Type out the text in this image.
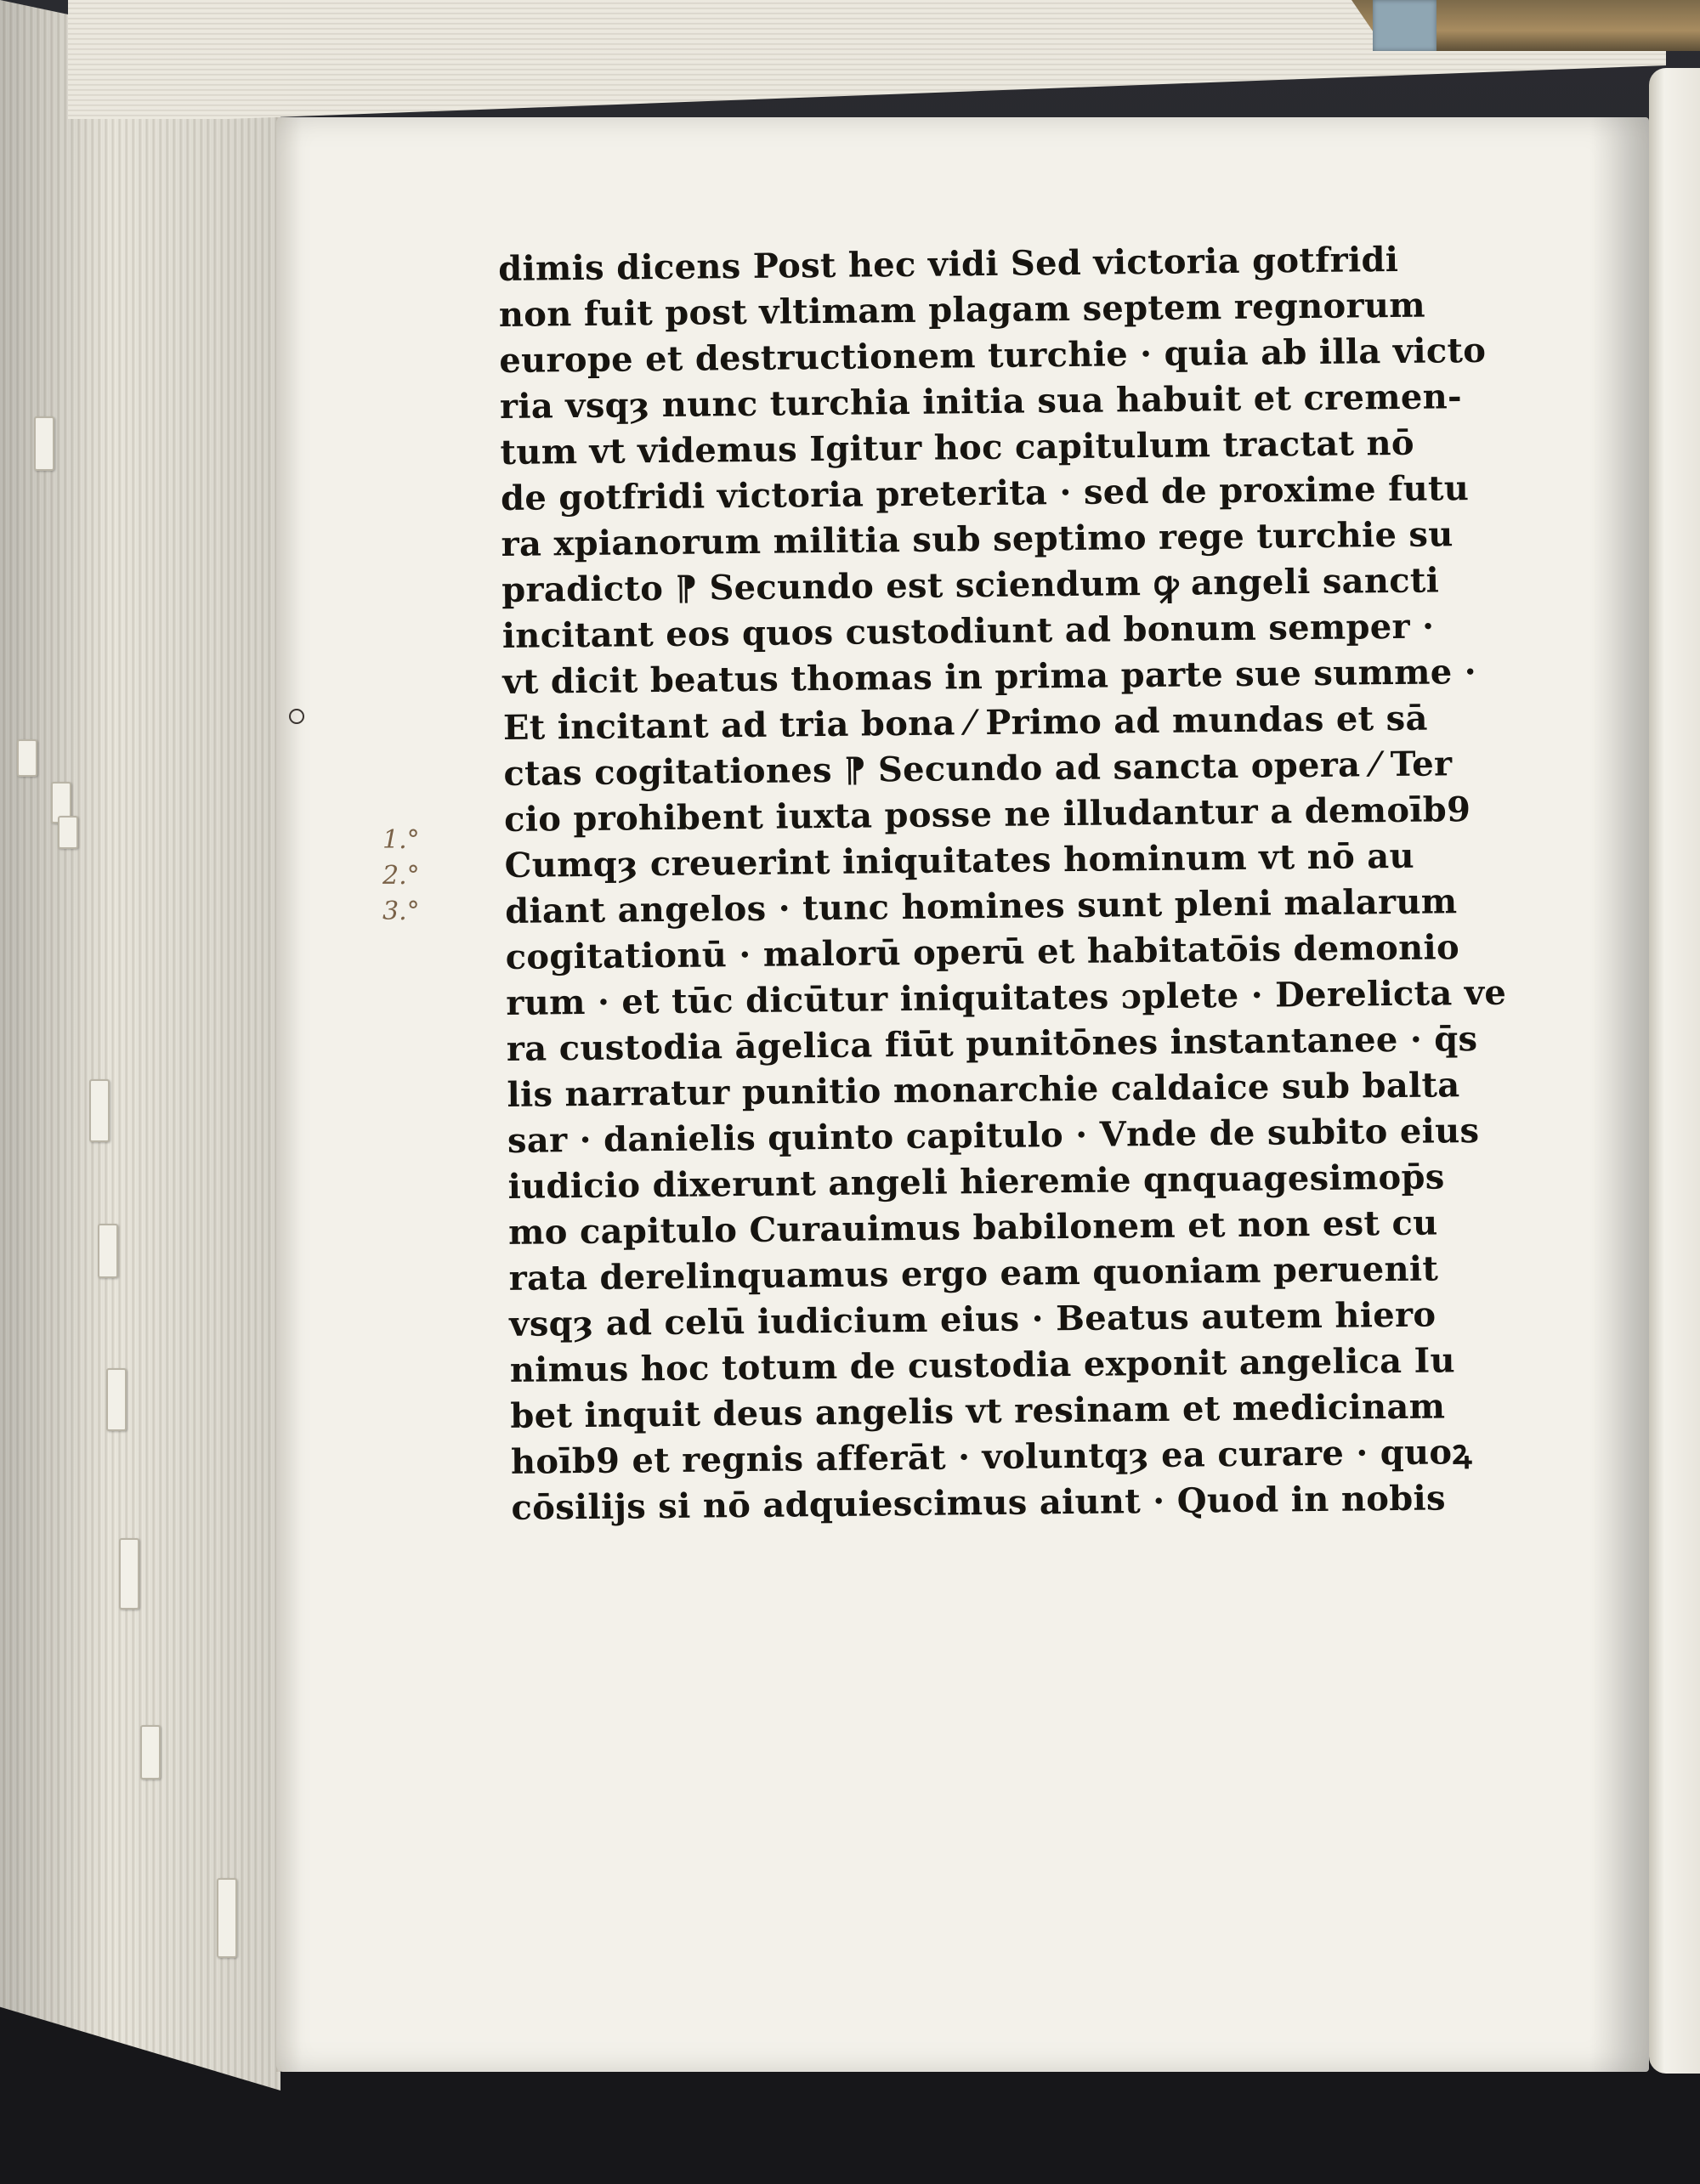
1.°
2.°
3.°
dimis dicens Post hec vidi Sed victoria gotfridi
non fuit post vltimam plagam septem regnorum
europe et destructionem turchie · quia ab illa victo
ria vsqȝ nunc turchia initia sua habuit et cremen-
tum vt videmus Igitur hoc capitulum tractat nō
de gotfridi victoria preterita · sed de proxime futu
ra xpianorum militia sub septimo rege turchie su
pradicto ⁋ Secundo est sciendum ꝙ angeli sancti
incitant eos quos custodiunt ad bonum semper ·
vt dicit beatus thomas in prima parte sue summe ·
Et incitant ad tria bona ⁄ Primo ad mundas et sā
ctas cogitationes ⁋ Secundo ad sancta opera ⁄ Ter
cio prohibent iuxta posse ne illudantur a demoīb9
Cumqȝ creuerint iniquitates hominum vt nō au
diant angelos · tunc homines sunt pleni malarum
cogitationū · malorū operū et habitatōis demonio
rum · et tūc dicūtur iniquitates ɔplete · Derelicta ve
ra custodia āgelica fiūt punitōnes instantanee · q̄s
lis narratur punitio monarchie caldaice sub balta
sar · danielis quinto capitulo · Vnde de subito eius
iudicio dixerunt angeli hieremie qnquagesimop̄s
mo capitulo Curauimus babilonem et non est cu
rata derelinquamus ergo eam quoniam peruenit
vsqȝ ad celū iudicium eius · Beatus autem hiero
nimus hoc totum de custodia exponit angelica Iu
bet inquit deus angelis vt resinam et medicinam
hoīb9 et regnis afferāt · voluntqȝ ea curare · quoꝝ
cōsilijs si nō adquiescimus aiunt · Quod in nobis
